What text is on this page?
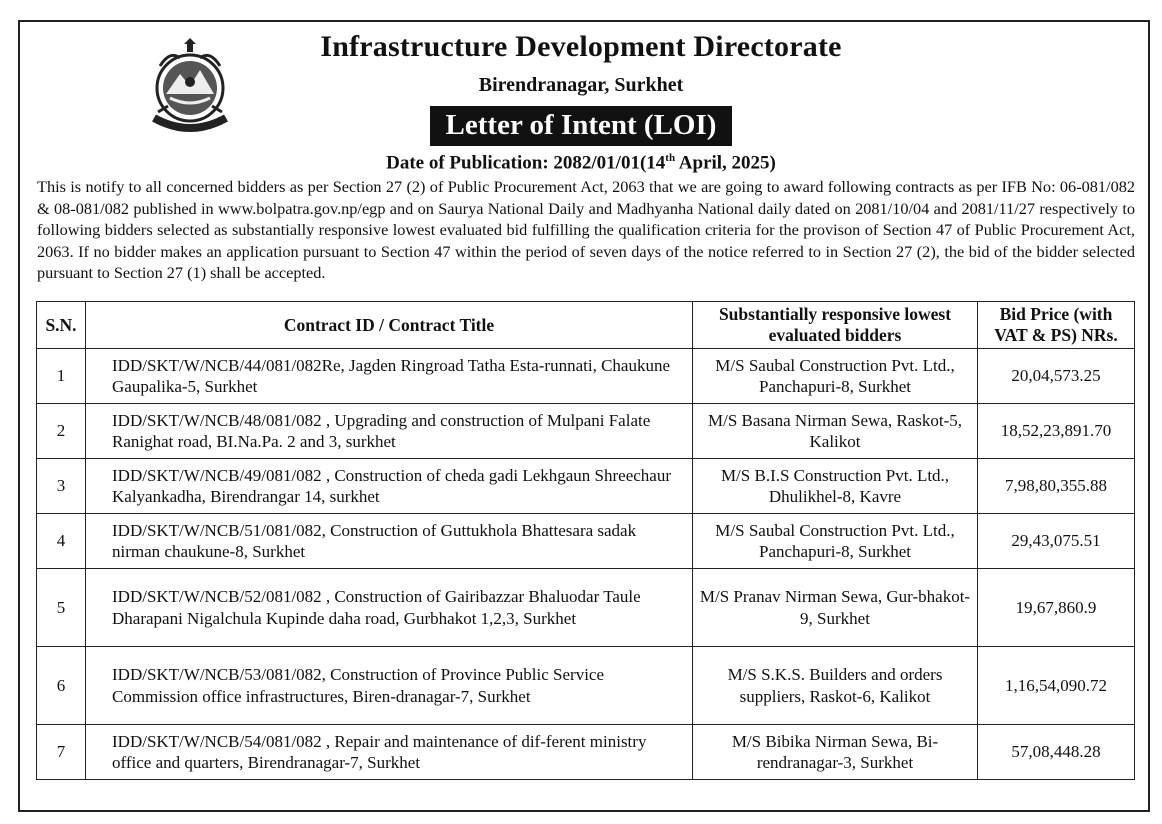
Infrastructure Development Directorate
Birendranagar, Surkhet
Letter of Intent (LOI)
Date of Publication: 2082/01/01(14th April, 2025)
This is notify to all concerned bidders as per Section 27 (2) of Public Procurement Act, 2063 that we are going to award following contracts as per IFB No: 06-081/082 & 08-081/082 published in www.bolpatra.gov.np/egp and on Saurya National Daily and Madhyanha National daily dated on 2081/10/04 and 2081/11/27 respectively to following bidders selected as substantially responsive lowest evaluated bid fulfilling the qualification criteria for the provison of Section 47 of Public Procurement Act, 2063. If no bidder makes an application pursuant to Section 47 within the period of seven days of the notice referred to in Section 27 (2), the bid of the bidder selected pursuant to Section 27 (1) shall be accepted.
S.N.	Contract ID / Contract Title	Substantially responsive lowest evaluated bidders	Bid Price (with VAT & PS) NRs.
1	IDD/SKT/W/NCB/44/081/082Re, Jagden Ringroad Tatha Esta-runnati, Chaukune Gaupalika-5, Surkhet	M/S Saubal Construction Pvt. Ltd., Panchapuri-8, Surkhet	20,04,573.25
2	IDD/SKT/W/NCB/48/081/082 , Upgrading and construction of Mulpani Falate Ranighat road, BI.Na.Pa. 2 and 3, surkhet	M/S Basana Nirman Sewa, Raskot-5, Kalikot	18,52,23,891.70
3	IDD/SKT/W/NCB/49/081/082 , Construction of cheda gadi Lekhgaun Shreechaur Kalyankadha, Birendrangar 14, surkhet	M/S B.I.S Construction Pvt. Ltd., Dhulikhel-8, Kavre	7,98,80,355.88
4	IDD/SKT/W/NCB/51/081/082, Construction of Guttukhola Bhattesara sadak nirman chaukune-8, Surkhet	M/S Saubal Construction Pvt. Ltd., Panchapuri-8, Surkhet	29,43,075.51
5	IDD/SKT/W/NCB/52/081/082 , Construction of Gairibazzar Bhaluodar Taule Dharapani Nigalchula Kupinde daha road, Gurbhakot 1,2,3, Surkhet	M/S Pranav Nirman Sewa, Gur-bhakot-9, Surkhet	19,67,860.9
6	IDD/SKT/W/NCB/53/081/082, Construction of Province Public Service Commission office infrastructures, Biren-dranagar-7, Surkhet	M/S S.K.S. Builders and orders suppliers, Raskot-6, Kalikot	1,16,54,090.72
7	IDD/SKT/W/NCB/54/081/082 , Repair and maintenance of dif-ferent ministry office and quarters, Birendranagar-7, Surkhet	M/S Bibika Nirman Sewa, Bi-rendranagar-3, Surkhet	57,08,448.28
